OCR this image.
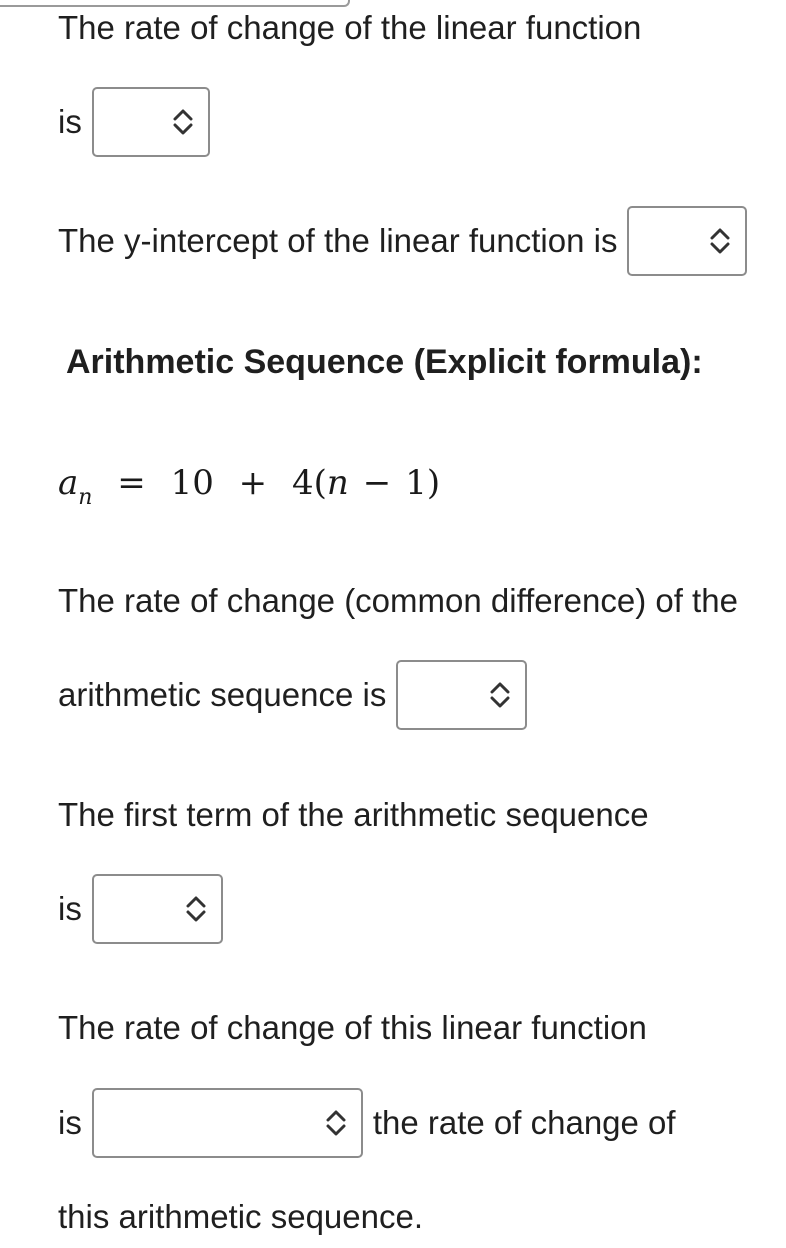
The rate of change of the linear function
is
The y-intercept of the linear function is
Arithmetic Sequence (Explicit formula):
$a_n = 10 + 4(n - 1)$
The rate of change (common difference) of the
arithmetic sequence is
The first term of the arithmetic sequence
is
The rate of change of this linear function
is	the rate of change of
this arithmetic sequence.
